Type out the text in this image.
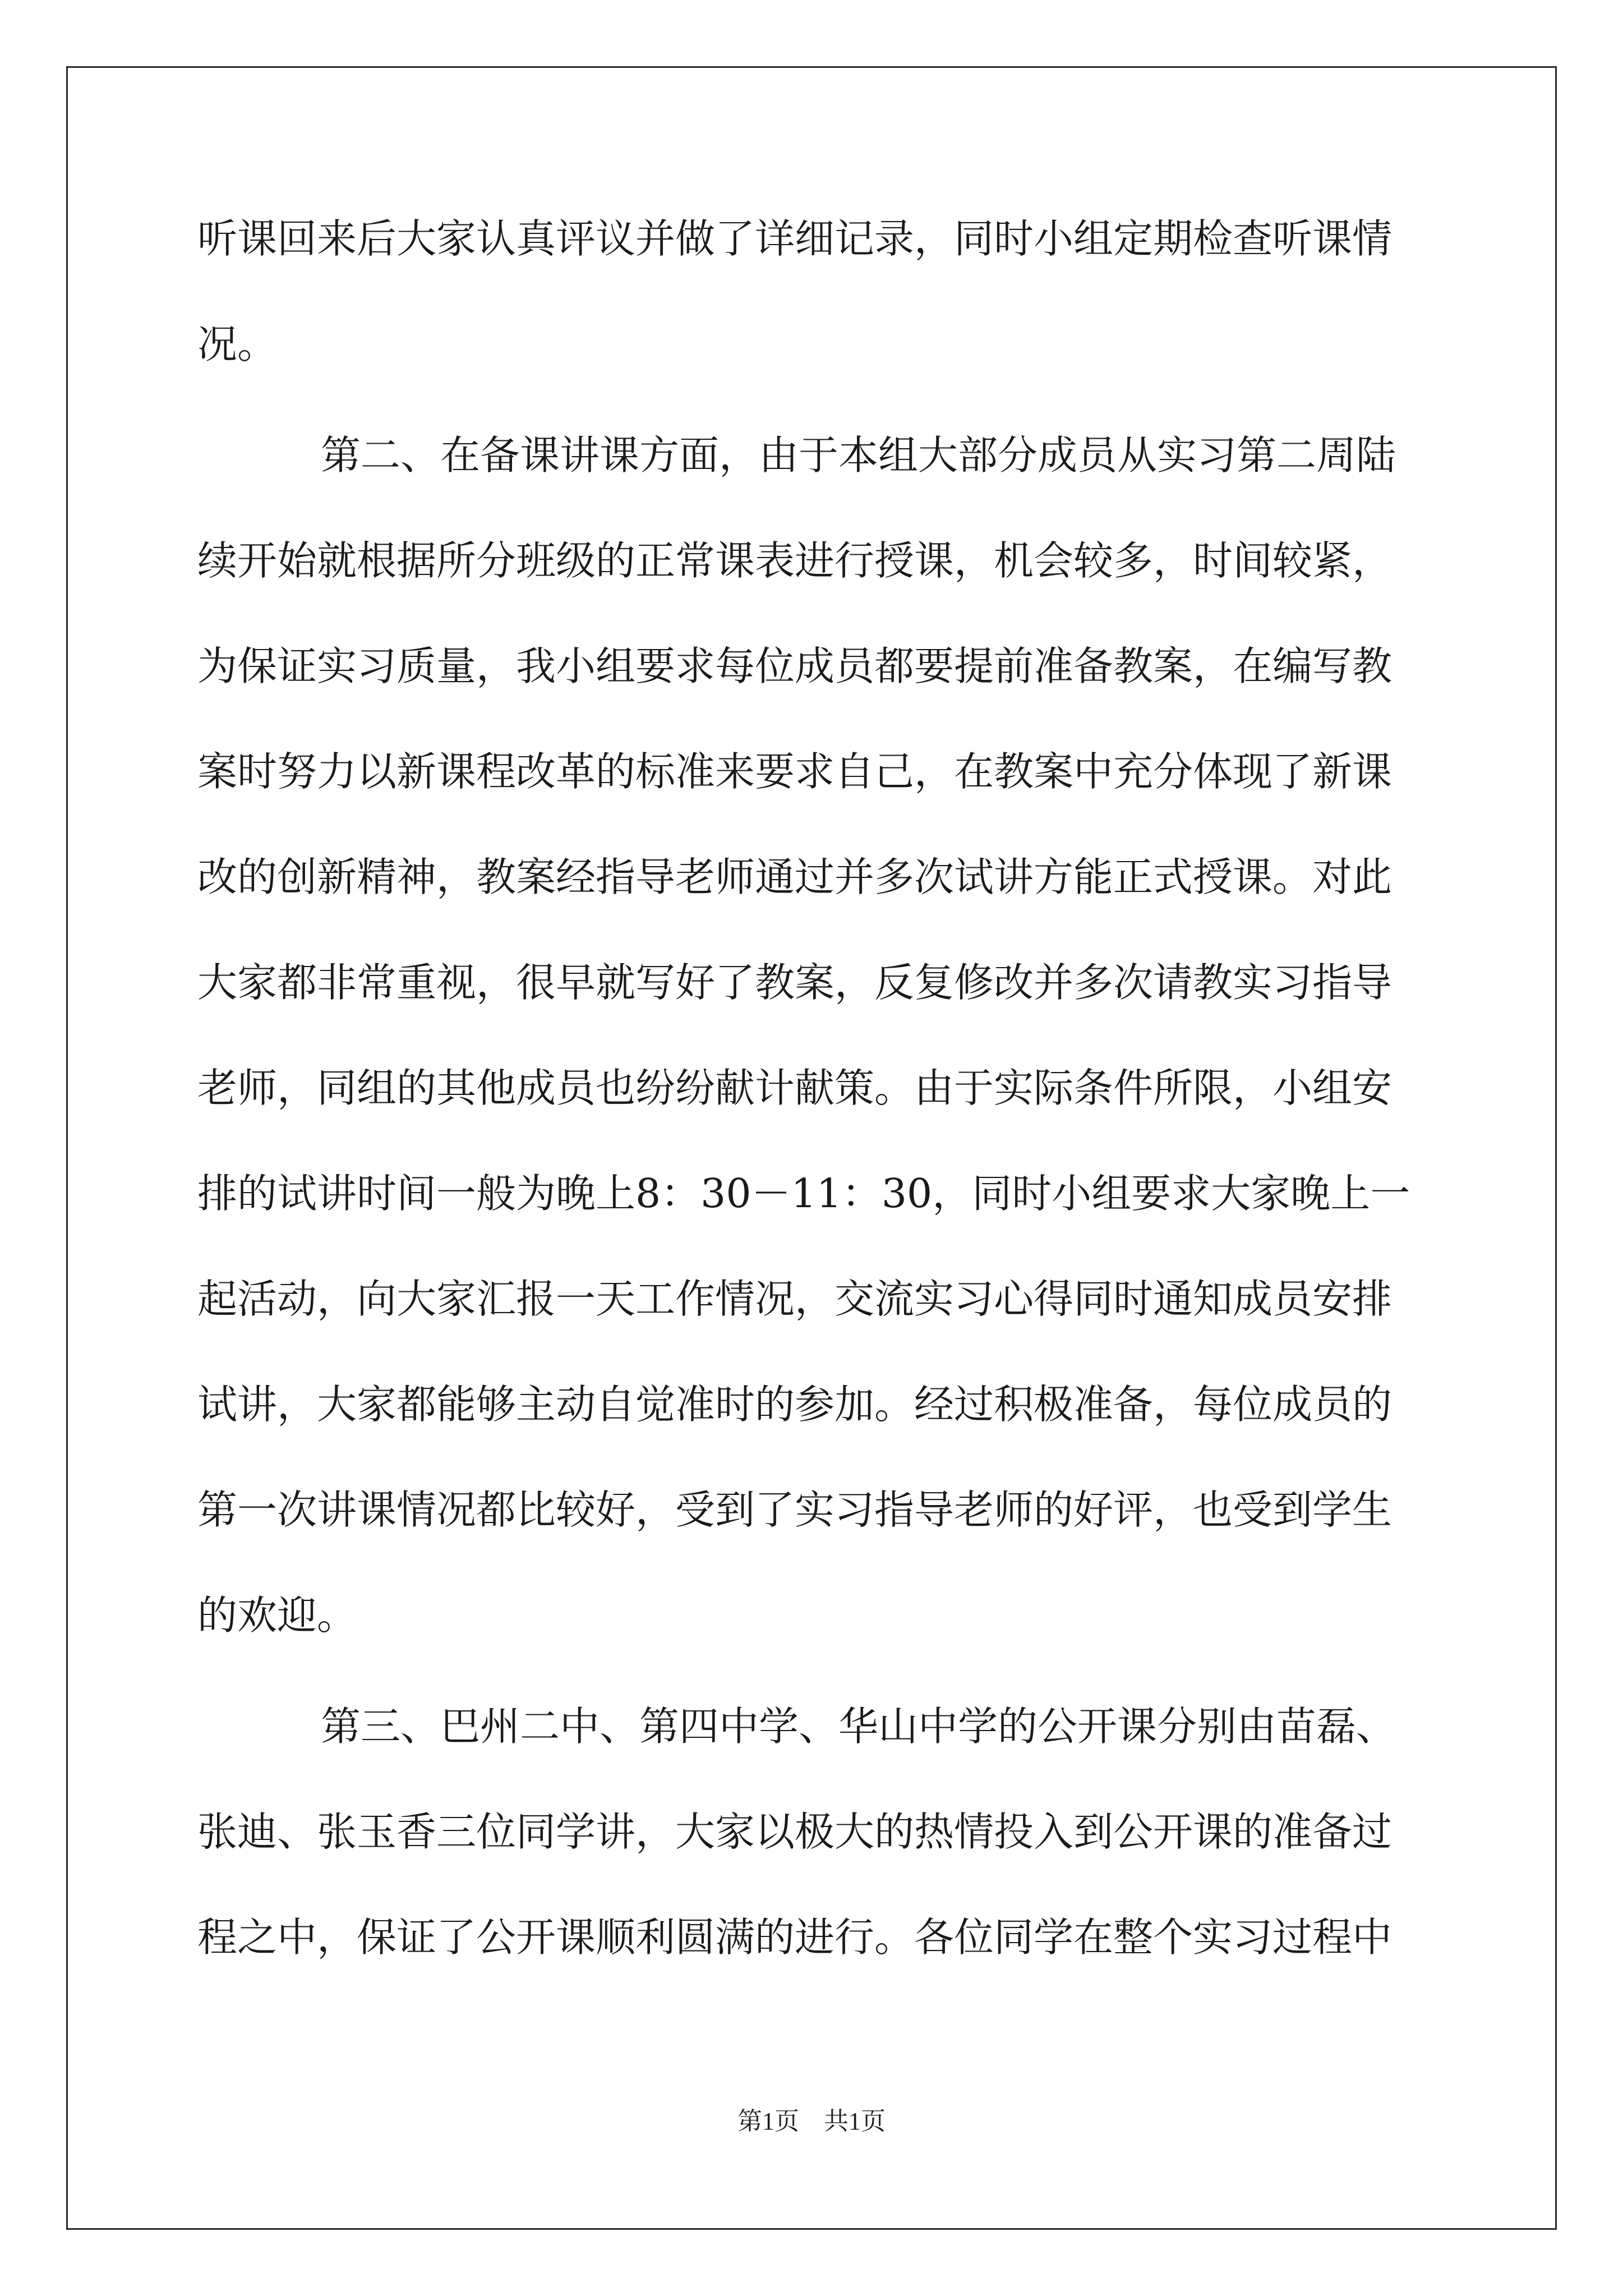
听课回来后大家认真评议并做了详细记录，同时小组定期检查听课情
况。
第二、在备课讲课方面，由于本组大部分成员从实习第二周陆
续开始就根据所分班级的正常课表进行授课，机会较多，时间较紧，
为保证实习质量，我小组要求每位成员都要提前准备教案，在编写教
案时努力以新课程改革的标准来要求自己，在教案中充分体现了新课
改的创新精神，教案经指导老师通过并多次试讲方能正式授课。对此
大家都非常重视，很早就写好了教案，反复修改并多次请教实习指导
老师，同组的其他成员也纷纷献计献策。由于实际条件所限，小组安
排的试讲时间一般为晚上8：30－11：30，同时小组要求大家晚上一
起活动，向大家汇报一天工作情况，交流实习心得同时通知成员安排
试讲，大家都能够主动自觉准时的参加。经过积极准备，每位成员的
第一次讲课情况都比较好，受到了实习指导老师的好评，也受到学生
的欢迎。
第三、巴州二中、第四中学、华山中学的公开课分别由苗磊、
张迪、张玉香三位同学讲，大家以极大的热情投入到公开课的准备过
程之中，保证了公开课顺利圆满的进行。各位同学在整个实习过程中
第1页 共1页
